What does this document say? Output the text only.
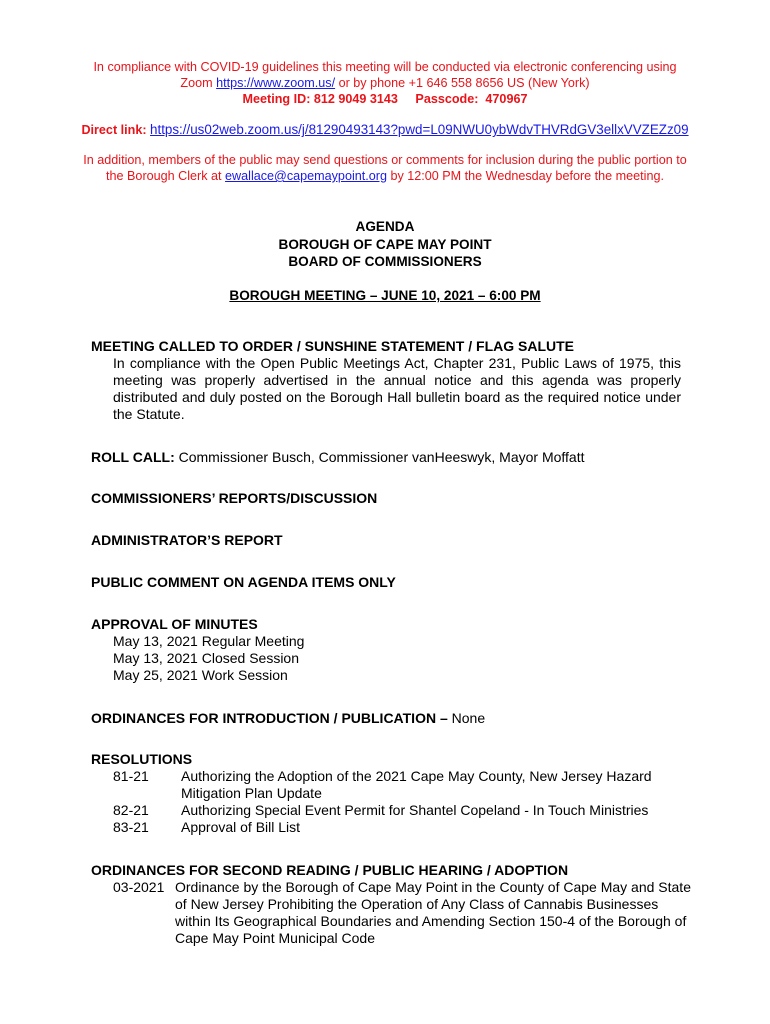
In compliance with COVID-19 guidelines this meeting will be conducted via electronic conferencing using
Zoom https://www.zoom.us/ or by phone +1 646 558 8656 US (New York)
Meeting ID: 812 9049 3143     Passcode:  470967
Direct link: https://us02web.zoom.us/j/81290493143?pwd=L09NWU0ybWdvTHVRdGV3ellxVVZEZz09
In addition, members of the public may send questions or comments for inclusion during the public portion to
the Borough Clerk at ewallace@capemaypoint.org by 12:00 PM the Wednesday before the meeting.
AGENDA
BOROUGH OF CAPE MAY POINT
BOARD OF COMMISSIONERS
BOROUGH MEETING – JUNE 10, 2021 – 6:00 PM
MEETING CALLED TO ORDER / SUNSHINE STATEMENT / FLAG SALUTE
In compliance with the Open Public Meetings Act, Chapter 231, Public Laws of 1975, this meeting was properly advertised in the annual notice and this agenda was properly distributed and duly posted on the Borough Hall bulletin board as the required notice under the Statute.
ROLL CALL: Commissioner Busch, Commissioner vanHeeswyk, Mayor Moffatt
COMMISSIONERS’ REPORTS/DISCUSSION
ADMINISTRATOR’S REPORT
PUBLIC COMMENT ON AGENDA ITEMS ONLY
APPROVAL OF MINUTES
May 13, 2021 Regular Meeting
May 13, 2021 Closed Session
May 25, 2021 Work Session
ORDINANCES FOR INTRODUCTION / PUBLICATION – None
RESOLUTIONS
81-21	Authorizing the Adoption of the 2021 Cape May County, New Jersey Hazard Mitigation Plan Update
82-21	Authorizing Special Event Permit for Shantel Copeland - In Touch Ministries
83-21	Approval of Bill List
ORDINANCES FOR SECOND READING / PUBLIC HEARING / ADOPTION
03-2021 Ordinance by the Borough of Cape May Point in the County of Cape May and State of New Jersey Prohibiting the Operation of Any Class of Cannabis Businesses within Its Geographical Boundaries and Amending Section 150-4 of the Borough of Cape May Point Municipal Code
